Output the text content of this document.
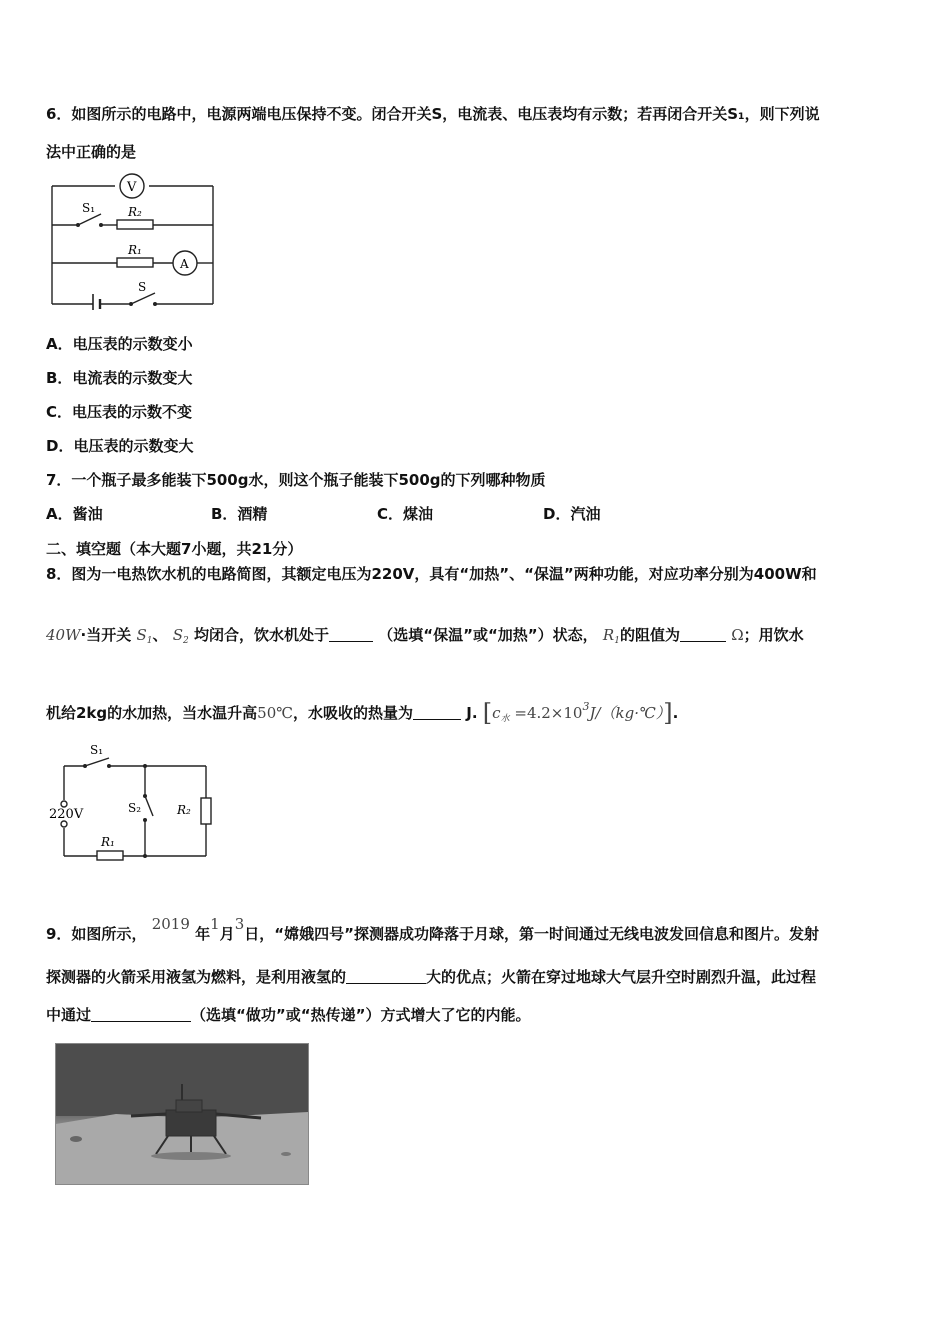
6．如图所示的电路中，电源两端电压保持不变。闭合开关S，电流表、电压表均有示数；若再闭合开关S₁，则下列说
法中正确的是
V
A
S₁	R₂
R₁
S
A．电压表的示数变小
B．电流表的示数变大
C．电压表的示数不变
D．电压表的示数变大
7．一个瓶子最多能装下500g水，则这个瓶子能装下500g的下列哪种物质
A．酱油	B．酒精	C．煤油	D．汽油
二、填空题（本大题7小题，共21分）
8．图为一电热饮水机的电路简图，其额定电压为220V，具有“加热”、“保温”两种功能，对应功率分别为400W和
40W·当开关 $S_1$、 $S_2$ 均闭合，饮水机处于	（选填“保温”或“加热”）状态， $R_1$的阻值为	Ω；用饮水
机给2kg的水加热，当水温升高50℃，水吸收的热量为	J. [$c_水$ $=4.2\times 10^3J/(kg\cdot℃)$].
S₁
220V	S₂	R₂
R₁
9．如图所示， 2019 年1月3日，“嫦娥四号”探测器成功降落于月球，第一时间通过无线电波发回信息和图片。发射
探测器的火箭采用液氢为燃料，是利用液氢的	大的优点；火箭在穿过地球大气层升空时剧烈升温，此过程
中通过	（选填“做功”或“热传递”）方式增大了它的内能。
